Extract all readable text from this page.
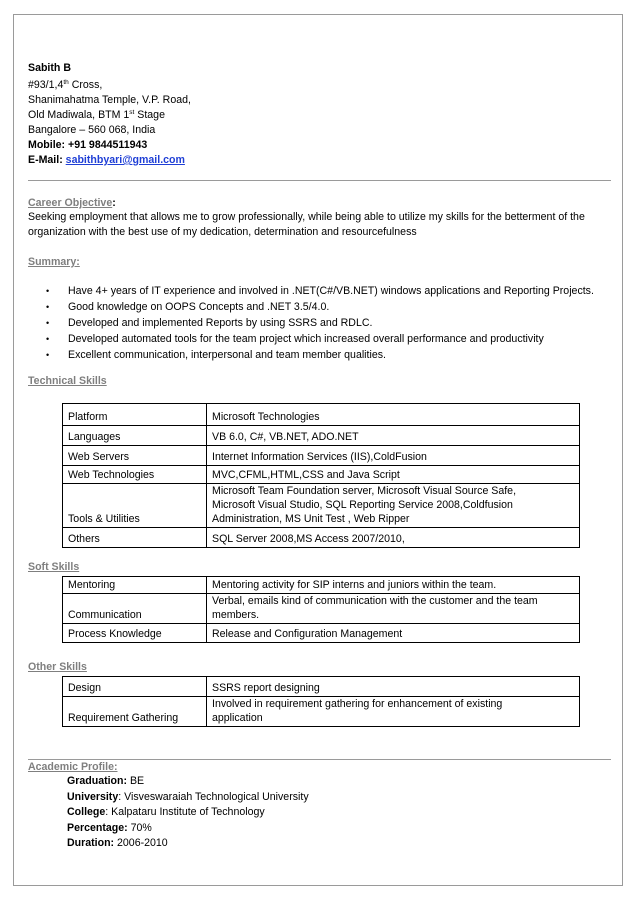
Sabith B
#93/1,4th Cross,
Shanimahatma Temple, V.P. Road,
Old Madiwala, BTM 1st Stage
Bangalore – 560 068, India
Mobile: +91 9844511943
E-Mail: sabithbyari@gmail.com
Career Objective:
Seeking employment that allows me to grow professionally, while being able to utilize my skills for the betterment of the organization with the best use of my dedication, determination and resourcefulness
Summary:
•	Have 4+ years of IT experience and involved in .NET(C#/VB.NET) windows applications and Reporting Projects.
•	Good knowledge on OOPS Concepts and .NET 3.5/4.0.
•	Developed and implemented Reports by using SSRS and RDLC.
•	Developed automated tools for the team project which increased overall performance and productivity
•	Excellent communication, interpersonal and team member qualities.
Technical Skills
Platform	Microsoft Technologies

Languages	VB 6.0, C#, VB.NET, ADO.NET

Web Servers	Internet Information Services (IIS),ColdFusion

Web Technologies	MVC,CFML,HTML,CSS and Java Script

Tools & Utilities	Microsoft Team Foundation server, Microsoft Visual Source Safe,
Microsoft Visual Studio, SQL Reporting Service 2008,Coldfusion
Administration, MS Unit Test , Web Ripper

Others	SQL Server 2008,MS Access 2007/2010,
Soft Skills
Mentoring	Mentoring activity for SIP interns and juniors within the team.

Communication	Verbal, emails kind of communication with the customer and the team
members.

Process Knowledge	Release and Configuration Management
Other Skills
Design	SSRS report designing

Requirement Gathering	Involved in requirement gathering for enhancement of existing
application
Academic Profile:
Graduation: BE
University: Visveswaraiah Technological University
College: Kalpataru Institute of Technology
Percentage: 70%
Duration: 2006-2010
